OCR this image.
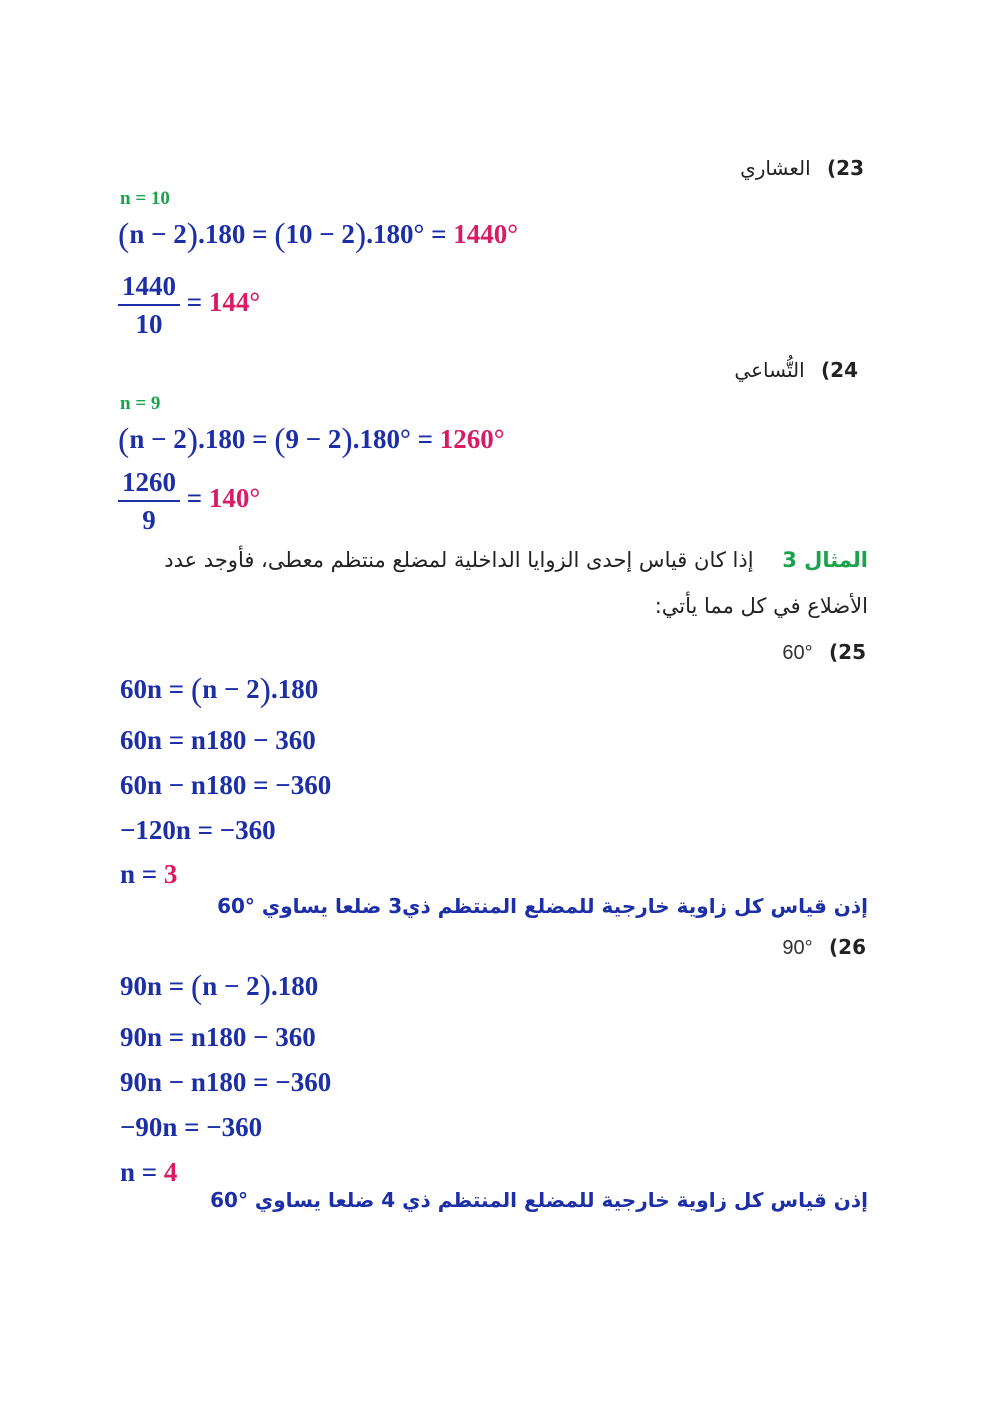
23) العشاري
n = 10
(n − 2).180 = (10 − 2).180° = 1440°
$\frac{1440}{10} = 144^\circ$
24) التُّساعي
n = 9
(n − 2).180 = (9 − 2).180° = 1260°
$\frac{1260}{9} = 140^\circ$
المثال 3 إذا كان قياس إحدى الزوايا الداخلية لمضلع منتظم معطى، فأوجد عدد
الأضلاع في كل مما يأتي:
60° (25
60n = (n − 2).180
60n = n180 − 360
60n − n180 = −360
−120n = −360
n = 3
إذن قياس كل زاوية خارجية للمضلع المنتظم ذي3 ضلعا يساوي °60
90° (26
90n = (n − 2).180
90n = n180 − 360
90n − n180 = −360
−90n = −360
n = 4
إذن قياس كل زاوية خارجية للمضلع المنتظم ذي 4 ضلعا يساوي °60
